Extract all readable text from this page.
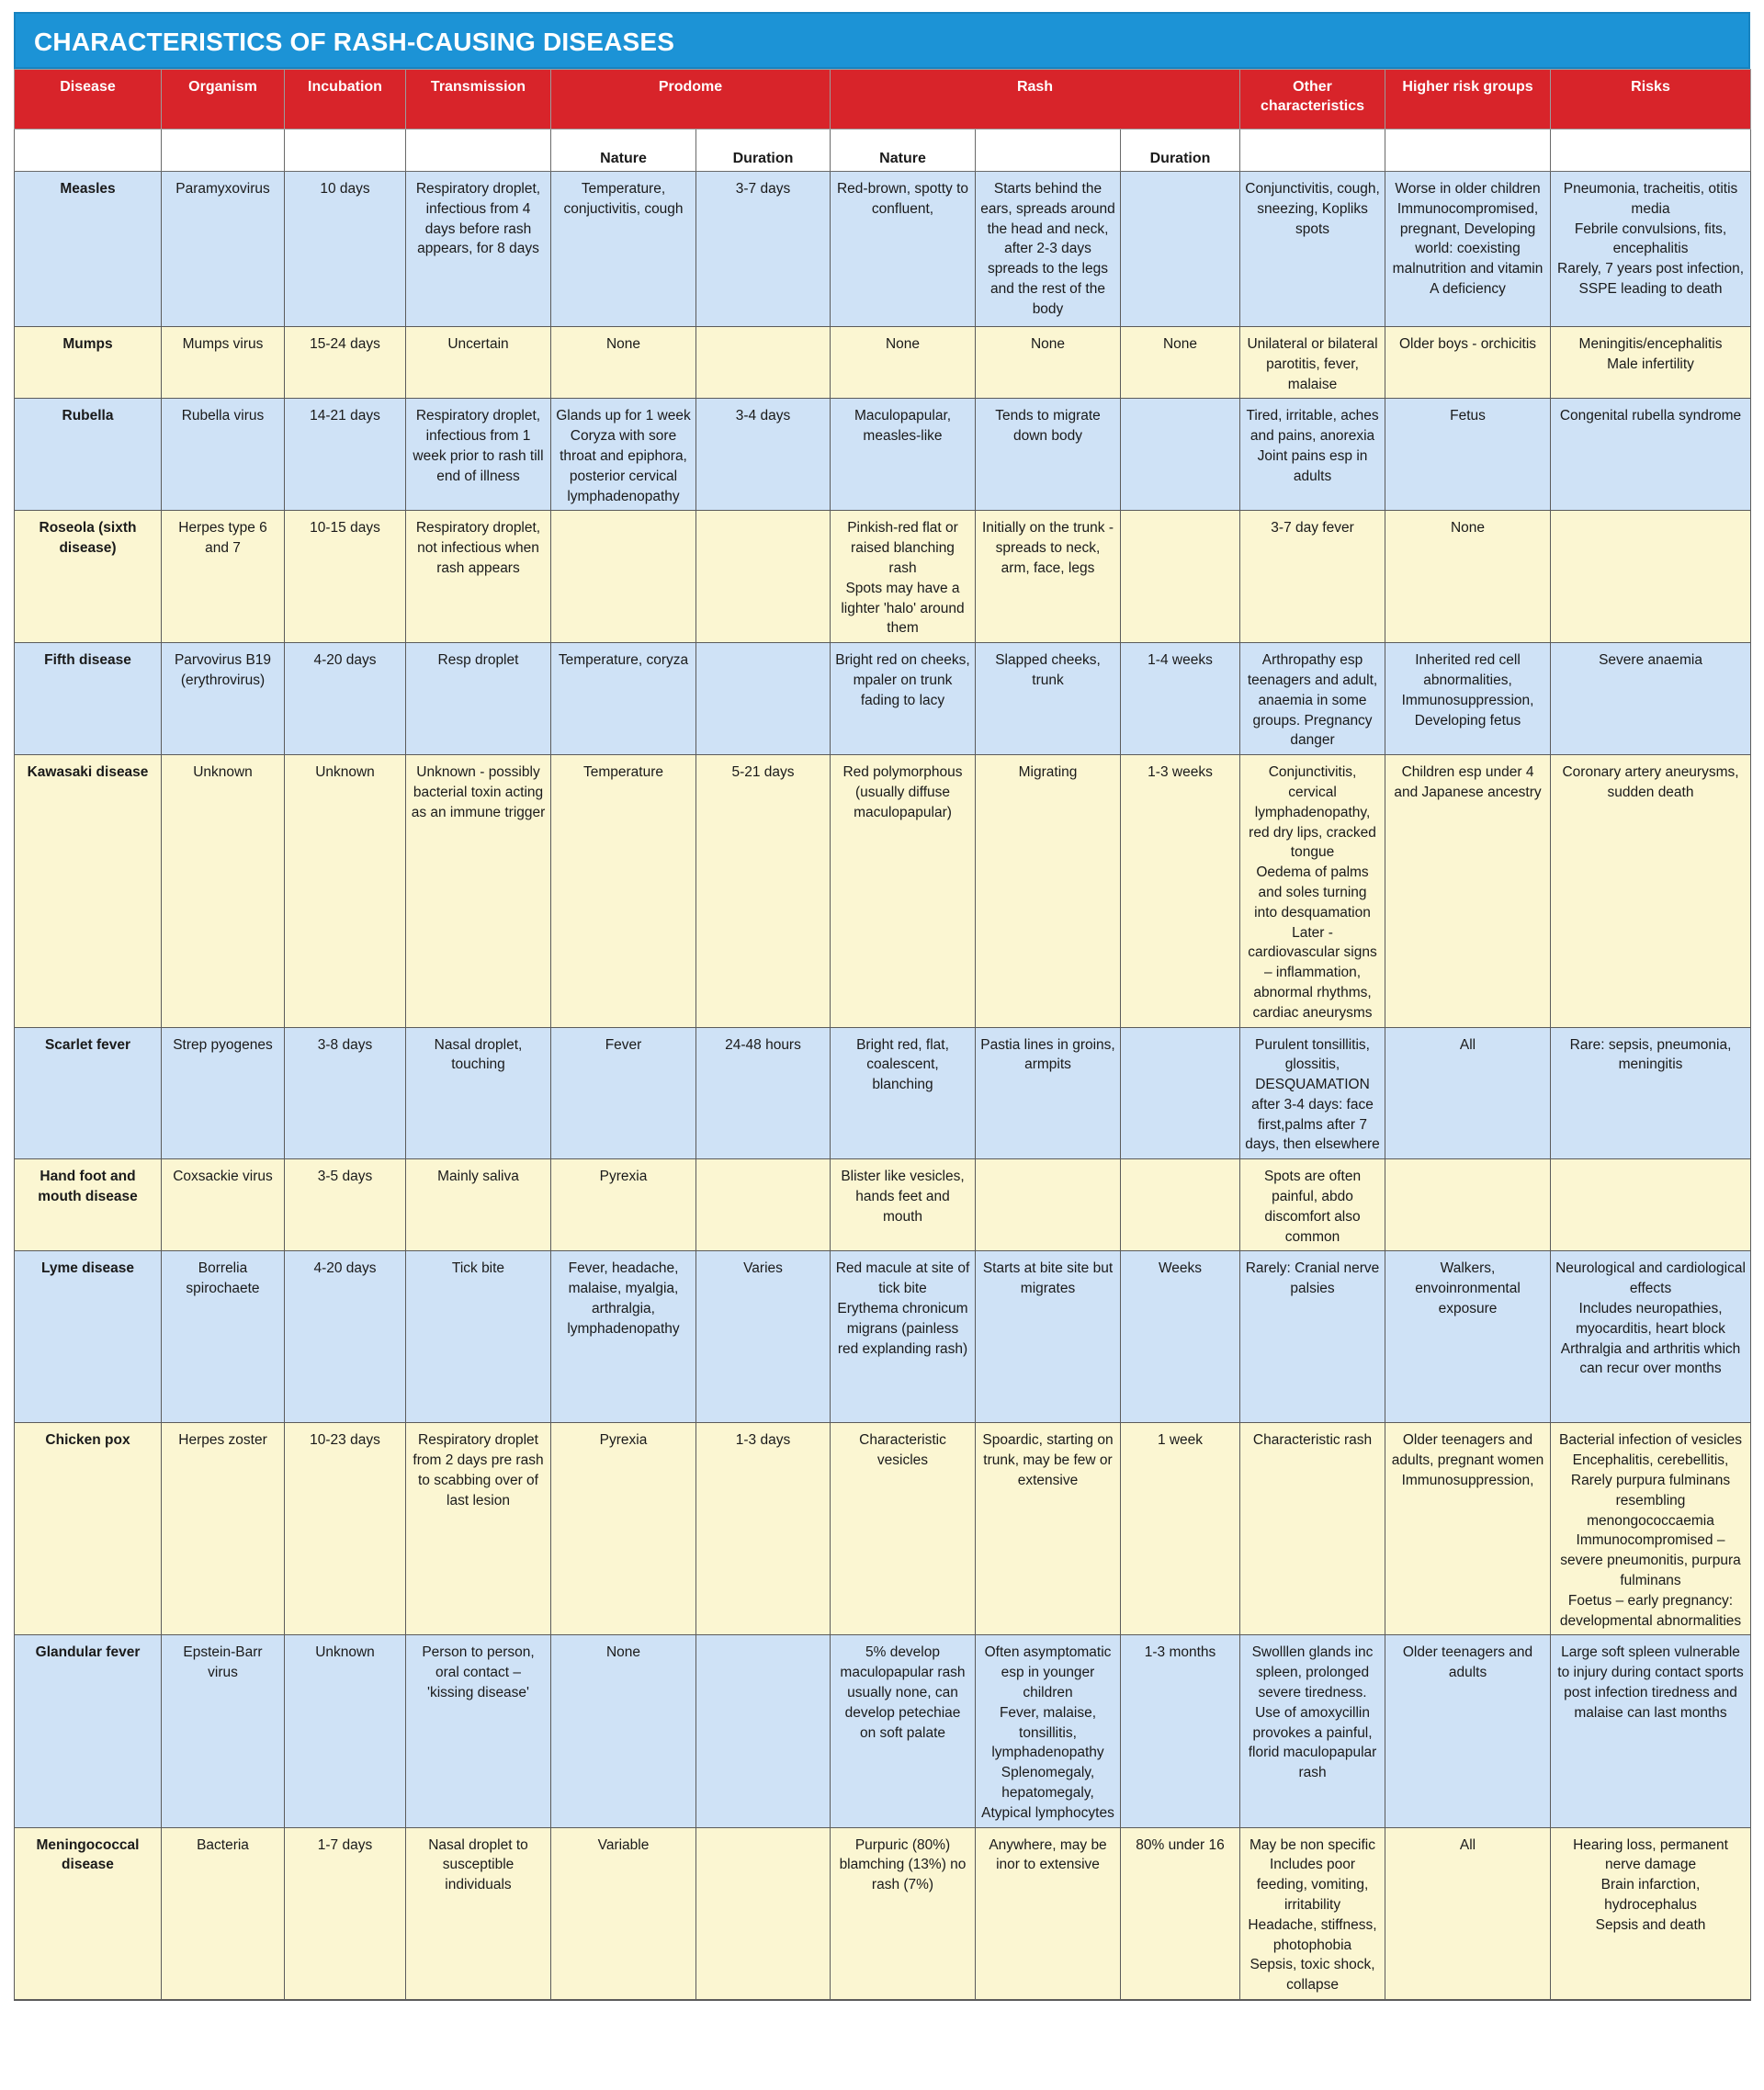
CHARACTERISTICS OF RASH-CAUSING DISEASES
Disease	Organism	Incubation	Transmission	Prodome		Rash			Other characteristics	Higher risk groups	Risks
				Nature	Duration	Nature		Duration			
Measles	Paramyxovirus	10 days	Respiratory droplet, infectious from 4 days before rash appears, for 8 days	Temperature, conjuctivitis, cough	3-7 days	Red-brown, spotty to confluent,	Starts behind the ears, spreads around the head and neck, after 2-3 days spreads to the legs and the rest of the body		Conjunctivitis, cough, sneezing, Kopliks spots	Worse in older children Immunocompromised, pregnant, Developing world: coexisting malnutrition and vitamin A deficiency	Pneumonia, tracheitis, otitis media
Febrile convulsions, fits, encephalitis
Rarely, 7 years post infection, SSPE leading to death
Mumps	Mumps virus	15-24 days	Uncertain	None		None	None	None	Unilateral or bilateral parotitis, fever, malaise	Older boys - orchicitis	Meningitis/encephalitis
Male infertility
Rubella	Rubella virus	14-21 days	Respiratory droplet, infectious from 1 week prior to rash till end of illness	Glands up for 1 week
Coryza with sore throat and epiphora, posterior cervical lymphadenopathy	3-4 days	Maculopapular, measles-like	Tends to migrate down body		Tired, irritable, aches and pains, anorexia
Joint pains esp in adults	Fetus	Congenital rubella syndrome
Roseola (sixth disease)	Herpes type 6 and 7	10-15 days	Respiratory droplet, not infectious when rash appears			Pinkish-red flat or raised blanching rash
Spots may have a lighter 'halo' around them	Initially on the trunk - spreads to neck, arm, face, legs		3-7 day fever	None	
Fifth disease	Parvovirus B19 (erythrovirus)	4-20 days	Resp droplet	Temperature, coryza		Bright red on cheeks, mpaler on trunk fading to lacy	Slapped cheeks, trunk	1-4 weeks	Arthropathy esp teenagers and adult, anaemia in some groups. Pregnancy danger	Inherited red cell abnormalities, Immunosuppression, Developing fetus	Severe anaemia
Kawasaki disease	Unknown	Unknown	Unknown - possibly bacterial toxin acting as an immune trigger	Temperature	5-21 days	Red polymorphous (usually diffuse maculopapular)	Migrating	1-3 weeks	Conjunctivitis, cervical lymphadenopathy, red dry lips, cracked tongue
Oedema of palms and soles turning into desquamation
Later - cardiovascular signs – inflammation, abnormal rhythms, cardiac aneurysms	Children esp under 4 and Japanese ancestry	Coronary artery aneurysms, sudden death
Scarlet fever	Strep pyogenes	3-8 days	Nasal droplet, touching	Fever	24-48 hours	Bright red, flat, coalescent, blanching	Pastia lines in groins, armpits		Purulent tonsillitis, glossitis, DESQUAMATION after 3-4 days: face first,palms after 7 days, then elsewhere	All	Rare: sepsis, pneumonia, meningitis
Hand foot and mouth disease	Coxsackie virus	3-5 days	Mainly saliva	Pyrexia		Blister like vesicles, hands feet and mouth			Spots are often painful, abdo discomfort also common		
Lyme disease	Borrelia spirochaete	4-20 days	Tick bite	Fever, headache, malaise, myalgia, arthralgia, lymphadenopathy	Varies	Red macule at site of tick bite
Erythema chronicum migrans (painless red explanding rash)	Starts at bite site but migrates	Weeks	Rarely: Cranial nerve palsies	Walkers, envoinronmental exposure	Neurological and cardiological effects
Includes neuropathies, myocarditis, heart block
Arthralgia and arthritis which can recur over months
Chicken pox	Herpes zoster	10-23 days	Respiratory droplet from 2 days pre rash to scabbing over of last lesion	Pyrexia	1-3 days	Characteristic vesicles	Spoardic, starting on trunk, may be few or extensive	1 week	Characteristic rash	Older teenagers and adults, pregnant women Immunosuppression,	Bacterial infection of vesicles
Encephalitis, cerebellitis,
Rarely purpura fulminans resembling menongococcaemia
Immunocompromised – severe pneumonitis, purpura fulminans
Foetus – early pregnancy: developmental abnormalities
Glandular fever	Epstein-Barr virus	Unknown	Person to person, oral contact – 'kissing disease'	None		5% develop maculopapular rash usually none, can develop petechiae on soft palate	Often asymptomatic esp in younger children
Fever, malaise, tonsillitis, lymphadenopathy
Splenomegaly, hepatomegaly,
Atypical lymphocytes	1-3 months	Swolllen glands inc spleen, prolonged severe tiredness.
Use of amoxycillin provokes a painful, florid maculopapular rash	Older teenagers and adults	Large soft spleen vulnerable to injury during contact sports
post infection tiredness and malaise can last months
Meningococcal disease	Bacteria	1-7 days	Nasal droplet to susceptible individuals	Variable		Purpuric (80%) blamching (13%) no rash (7%)	Anywhere, may be inor to extensive	80% under 16	May be non specific
Includes poor feeding, vomiting, irritability
Headache, stiffness, photophobia
Sepsis, toxic shock, collapse	All	Hearing loss, permanent nerve damage
Brain infarction, hydrocephalus
Sepsis and death
